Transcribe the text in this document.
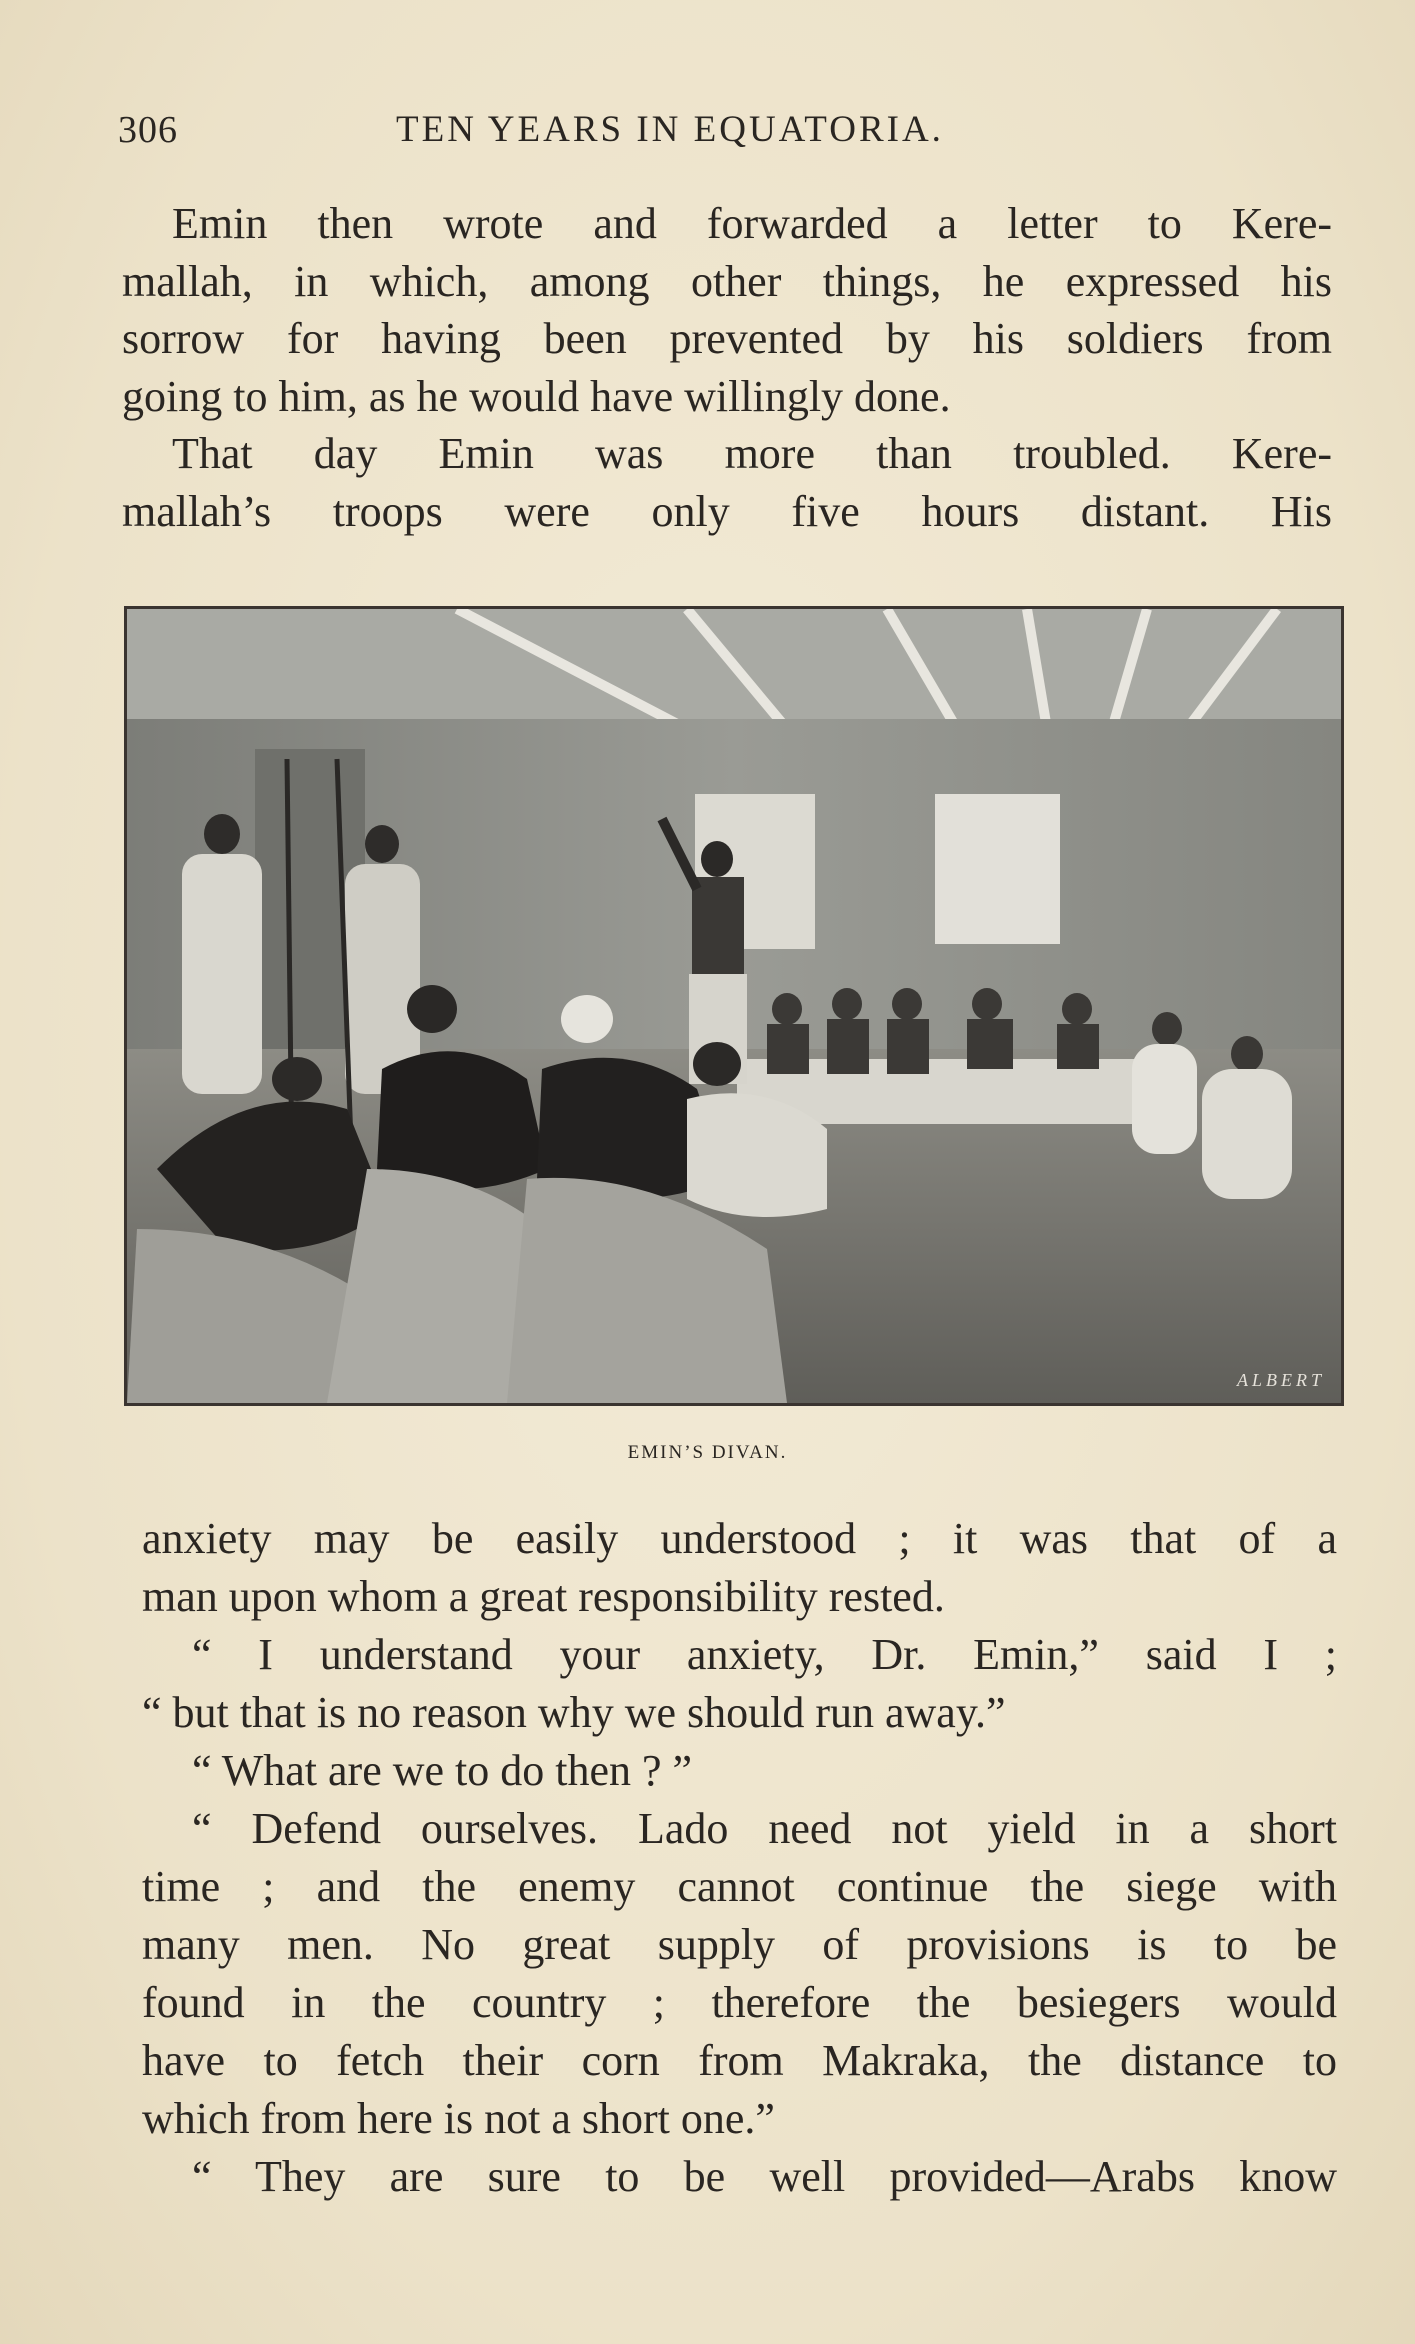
306	TEN YEARS IN EQUATORIA.
Emin then wrote and forwarded a letter to Kere-
mallah, in which, among other things, he expressed his
sorrow for having been prevented by his soldiers from
going to him, as he would have willingly done.
That day Emin was more than troubled. Kere-
mallah’s troops were only five hours distant. His
ALBERT
EMIN’S DIVAN.
anxiety may be easily understood ; it was that of a
man upon whom a great responsibility rested.
“ I understand your anxiety, Dr. Emin,” said I ;
“ but that is no reason why we should run away.”
“ What are we to do then ? ”
“ Defend ourselves. Lado need not yield in a short
time ; and the enemy cannot continue the siege with
many men. No great supply of provisions is to be
found in the country ; therefore the besiegers would
have to fetch their corn from Makraka, the distance to
which from here is not a short one.”
“ They are sure to be well provided—Arabs know
